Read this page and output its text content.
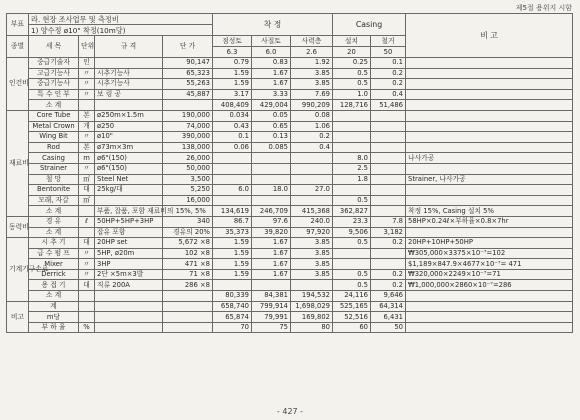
제5절 용위지 시함
부표	라. 현장 조사업무 및 측정비				착 정			Casing		비 고
	1) 양수정 ø10" 착정(10m당)									
종별	세 목	단위	규 격	단 가	점성토	사질토	사력층	설치	철거	
					6.3	6.0	2.6	20	50	
인건비	중급기술자	인		90,147	0.79	0.83	1.92	0.25	0.1	
	고급기능사	〃	시추기능사	65,323	1.59	1.67	3.85	0.5	0.2	
	중급기능사	〃	시추기능사	55,263	1.59	1.67	3.85	0.5	0.2	
	특 수 인 부	〃	보 링 공	45,887	3.17	3.33	7.69	1.0	0.4	
	소 계				408,409	429,004	990,209	128,716	51,486	
재료비	Core Tube	본	ø250m×1.5m	190,000	0.034	0.05	0.08			
	Metal Crown	개	ø250	74,000	0.43	0.65	1.06			
	Wing Bit	〃	ø10"	390,000	0.1	0.13	0.2			
	Rod	본	ø73m×3m	138,000	0.06	0.085	0.4			
	Casing	m	ø6"(150)	26,000				8.0		나사가공
	Strainer	〃	ø6"(150)	50,000				2.5		
	철 망	㎡	Steel Net	3,500				1.8		Strainer, 나사가공
	Bentonite	대	25kg/대	5,250	6.0	18.0	27.0			
	모래, 자갈	㎥		16,000				0.5		
	소 계		부품, 잡품, 포함 재료비의 15%, 5%		134,619	246,709	415,368	362,827		착정 15%, Casing 설치 5%
동력비	경 유	ℓ	50HP+5HP+3HP	340	86.7	97.6	240.0	23.3	7.8	58HP×0.24ℓ×부하율×0.8×7hr
	소 계		잡유 포함	경유의 20%	35,373	39,820	97,920	9,506	3,182	
기계기구손료	시 추 기	대	20HP set	5,672 ×8	1.59	1.67	3.85	0.5	0.2	20HP+10HP+50HP
	급 수 펌 프	〃	5HP, ø20m	102 ×8	1.59	1.67	3.85			₩305,000×3375×10⁻⁷=102
	Mixer	〃	3HP	471 ×8	1.59	1.67	3.85			$1,189×847.9×4677×10⁻⁷= 471
	Derrick	〃	2단 ×5m×3발	71 ×8	1.59	1.67	3.85	0.5	0.2	₩320,000×2249×10⁻⁷=71
	용 접 기	대	직류 200A	286 ×8				0.5	0.2	₩1,000,000×2860×10⁻⁷=286
	소 계				80,339	84,381	194,532	24,116	9,646	
비고	계				658,740	799,914	1,698,029	525,165	64,314	
	m당				65,874	79,991	169,802	52,516	6,431	
	부 하 율	%			70	75	80	60	50	
- 427 -
